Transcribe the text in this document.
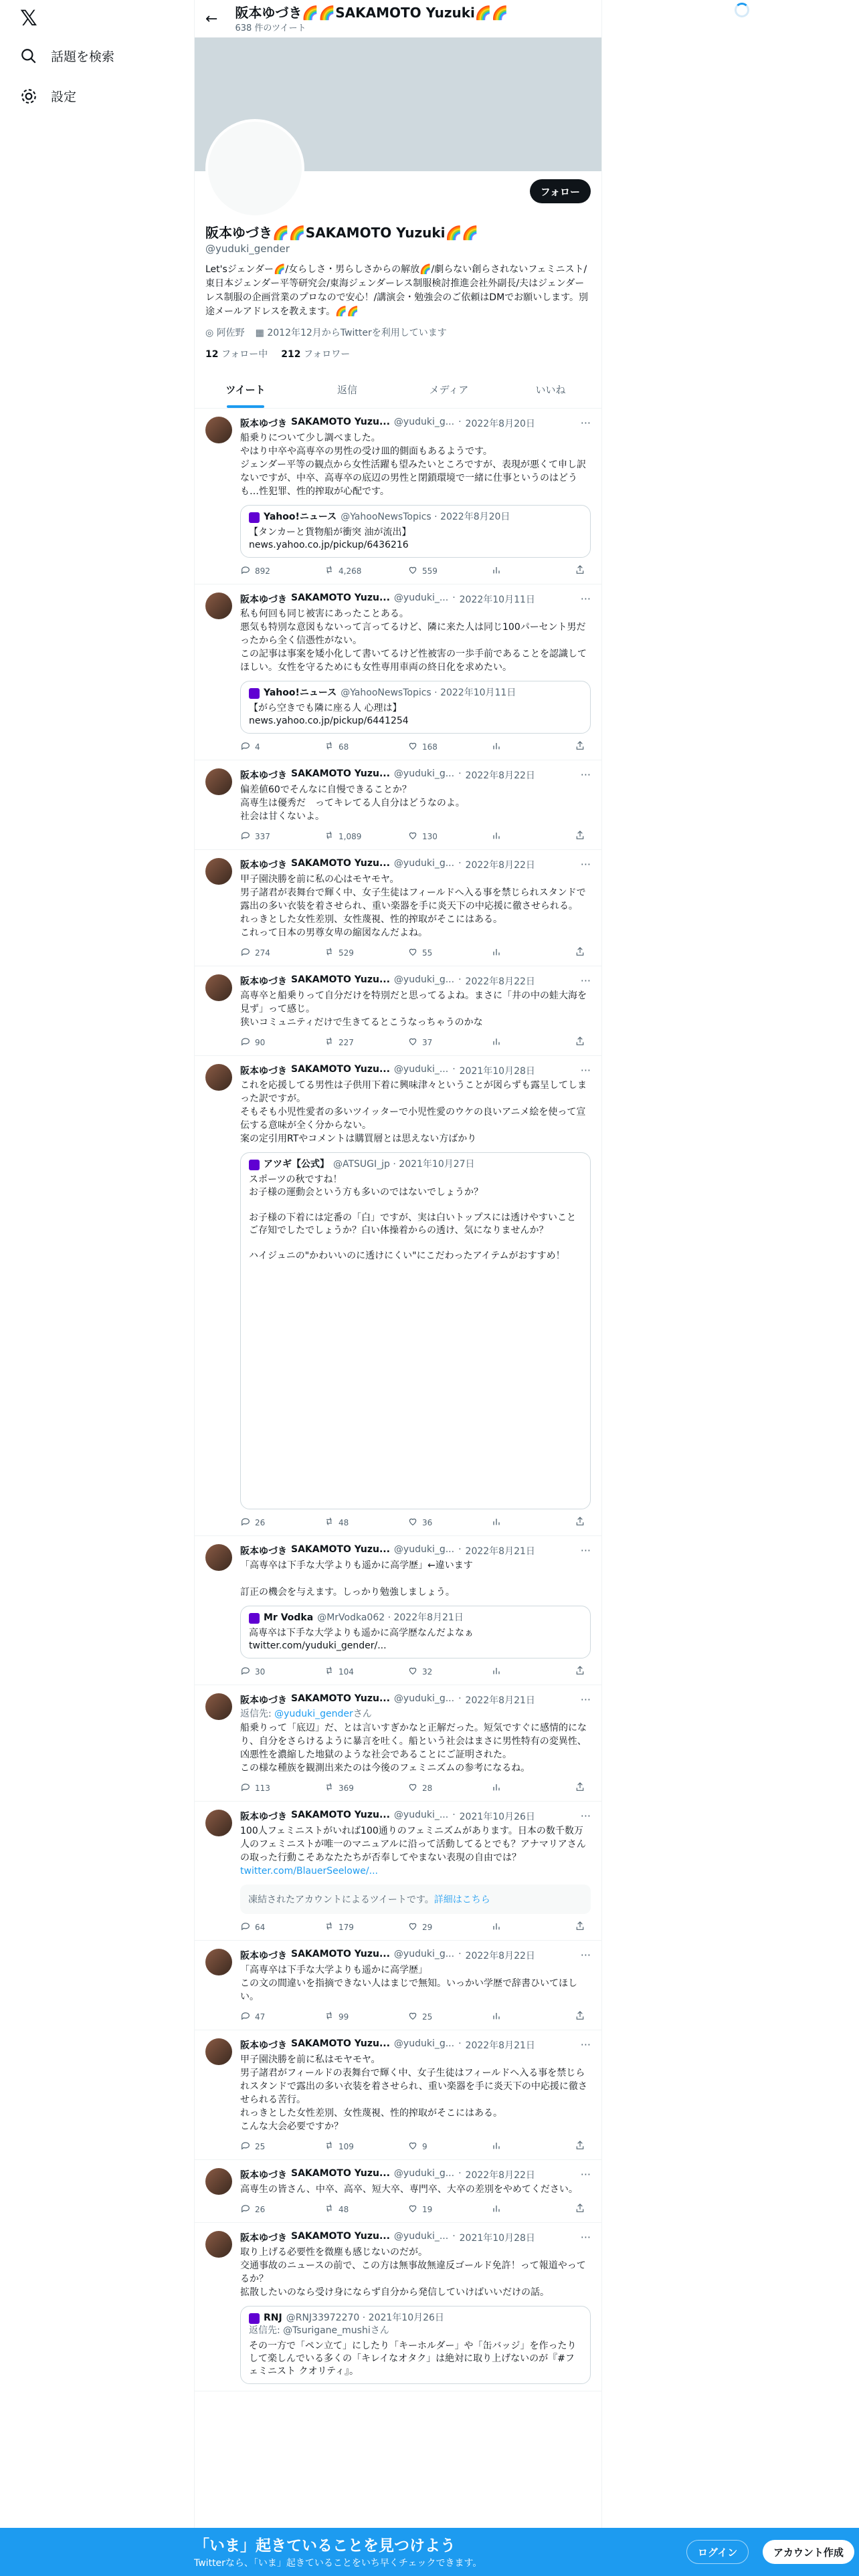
𝕏
話題を検索
設定
← 阪本ゆづき🌈🌈SAKAMOTO Yuzuki🌈🌈
638 件のツイート
フォロー
阪本ゆづき🌈🌈SAKAMOTO Yuzuki🌈🌈
@yuduki_gender
Let'sジェンダー🌈/女らしさ・男らしさからの解放🌈/劇らない創らされないフェミニスト/東日本ジェンダー平等研究会/東海ジェンダーレス制服検討推進会社外副長/夫はジェンダーレス制服の企画営業のプロなので安心！/講演会・勉強会のご依頼はDMでお願いします。別途メールアドレスを教えます。🌈🌈
◎ 阿佐野 ▦ 2012年12月からTwitterを利用しています
12 フォロー中 212 フォロワー
ツイート	返信	メディア	いいね
阪本ゆづき SAKAMOTO Yuzu... @yuduki_g... · 2022年8月20日	···
船乗りについて少し調べました。
やはり中卒や高専卒の男性の受け皿的側面もあるようです。
ジェンダー平等の観点から女性活躍も望みたいところですが、表現が悪くて申し訳ないですが、中卒、高専卒の底辺の男性と閉鎖環境で一緒に仕事というのはどうも…性犯罪、性的搾取が心配です。
Yahoo!ニュース @YahooNewsTopics · 2022年8月20日
【タンカーと貨物船が衝突 油が流出】
news.yahoo.co.jp/pickup/6436216
892	4,268	559
阪本ゆづき SAKAMOTO Yuzu... @yuduki_... · 2022年10月11日	···
私も何回も同じ被害にあったことある。
悪気も特別な意図もないって言ってるけど、隣に来た人は同じ100パーセント男だったから全く信憑性がない。
この記事は事案を矮小化して書いてるけど性被害の一歩手前であることを認識してほしい。女性を守るためにも女性専用車両の終日化を求めたい。
Yahoo!ニュース @YahooNewsTopics · 2022年10月11日
【がら空きでも隣に座る人 心理は】
news.yahoo.co.jp/pickup/6441254
4	68	168
阪本ゆづき SAKAMOTO Yuzu... @yuduki_g... · 2022年8月22日	···
偏差値60でそんなに自慢できることか？
高専生は優秀だ　ってキレてる人自分はどうなのよ。
社会は甘くないよ。
337	1,089	130
阪本ゆづき SAKAMOTO Yuzu... @yuduki_g... · 2022年8月22日	···
甲子園決勝を前に私の心はモヤモヤ。
男子諸君が表舞台で輝く中、女子生徒はフィールドへ入る事を禁じられスタンドで露出の多い衣装を着させられ、重い楽器を手に炎天下の中応援に徹させられる。
れっきとした女性差別、女性蔑視、性的搾取がそこにはある。
これって日本の男尊女卑の縮図なんだよね。
274	529	55
阪本ゆづき SAKAMOTO Yuzu... @yuduki_g... · 2022年8月22日	···
高専卒と船乗りって自分だけを特別だと思ってるよね。まさに「井の中の蛙大海を見ず」って感じ。
狭いコミュニティだけで生きてるとこうなっちゃうのかな
90	227	37
阪本ゆづき SAKAMOTO Yuzu... @yuduki_... · 2021年10月28日	···
これを応援してる男性は子供用下着に興味津々ということが図らずも露呈してしまった訳ですが。
そもそも小児性愛者の多いツイッターで小児性愛のウケの良いアニメ絵を使って宣伝する意味が全く分からない。
案の定引用RTやコメントは購買層とは思えない方ばかり
アツギ【公式】 @ATSUGI_jp · 2021年10月27日
スポーツの秋ですね！
お子様の運動会という方も多いのではないでしょうか？

お子様の下着には定番の「白」ですが、実は白いトップスには透けやすいことご存知でしたでしょうか？白い体操着からの透け、気になりませんか？

ハイジュニの"かわいいのに透けにくい"にこだわったアイテムがおすすめ！
26	48	36
阪本ゆづき SAKAMOTO Yuzu... @yuduki_g... · 2022年8月21日	···
「高専卒は下手な大学よりも遥かに高学歴」←違います

訂正の機会を与えます。しっかり勉強しましょう。
Mr Vodka @MrVodka062 · 2022年8月21日
高専卒は下手な大学よりも遥かに高学歴なんだよなぁ
twitter.com/yuduki_gender/...
30	104	32
阪本ゆづき SAKAMOTO Yuzu... @yuduki_g... · 2022年8月21日	···
返信先: @yuduki_genderさん
船乗りって「底辺」だ、とは言いすぎかなと正解だった。短気ですぐに感情的になり、自分をさらけるように暴言を吐く。船という社会はまさに男性特有の変異性、凶悪性を濃縮した地獄のような社会であることにご証明された。
この様な種族を観測出来たのは今後のフェミニズムの参考になるね。
113	369	28
阪本ゆづき SAKAMOTO Yuzu... @yuduki_... · 2021年10月26日	···
100人フェミニストがいれば100通りのフェミニズムがあります。日本の数千数万人のフェミニストが唯一のマニュアルに沿って活動してるとでも？アナマリアさんの取った行動こそあなたたちが否奉してやまない表現の自由では？ twitter.com/BlauerSeelowe/...
凍結されたアカウントによるツイートです。詳細はこちら
64	179	29
阪本ゆづき SAKAMOTO Yuzu... @yuduki_g... · 2022年8月22日	···
「高専卒は下手な大学よりも遥かに高学歴」
この文の間違いを指摘できない人はまじで無知。いっかい学歴で辞書ひいてほしい。
47	99	25
阪本ゆづき SAKAMOTO Yuzu... @yuduki_g... · 2022年8月21日	···
甲子園決勝を前に私はモヤモヤ。
男子諸君がフィールドの表舞台で輝く中、女子生徒はフィールドへ入る事を禁じられスタンドで露出の多い衣装を着させられ、重い楽器を手に炎天下の中応援に徹させられる苦行。
れっきとした女性差別、女性蔑視、性的搾取がそこにはある。
こんな大会必要ですか？
25	109	9
阪本ゆづき SAKAMOTO Yuzu... @yuduki_g... · 2022年8月22日	···
高専生の皆さん、中卒、高卒、短大卒、専門卒、大卒の差別をやめてください。
26	48	19
阪本ゆづき SAKAMOTO Yuzu... @yuduki_... · 2021年10月28日	···
取り上げる必要性を微塵も感じないのだが。
交通事故のニュースの前で、この方は無事故無違反ゴールド免許！って報道やってるか？
拡散したいのなら受け身にならず自分から発信していけばいいだけの話。
RNJ @RNJ33972270 · 2021年10月26日
返信先: @Tsurigane_mushiさん
その一方で「ペン立て」にしたり「キーホルダー」や「缶バッジ」を作ったりして楽しんでいる多くの「キレイなオタク」は絶対に取り上げないのが『#フェミニスト クオリティ』。
「いま」起きていることを見つけよう
Twitterなら、「いま」起きていることをいち早くチェックできます。
ログイン	アカウント作成
